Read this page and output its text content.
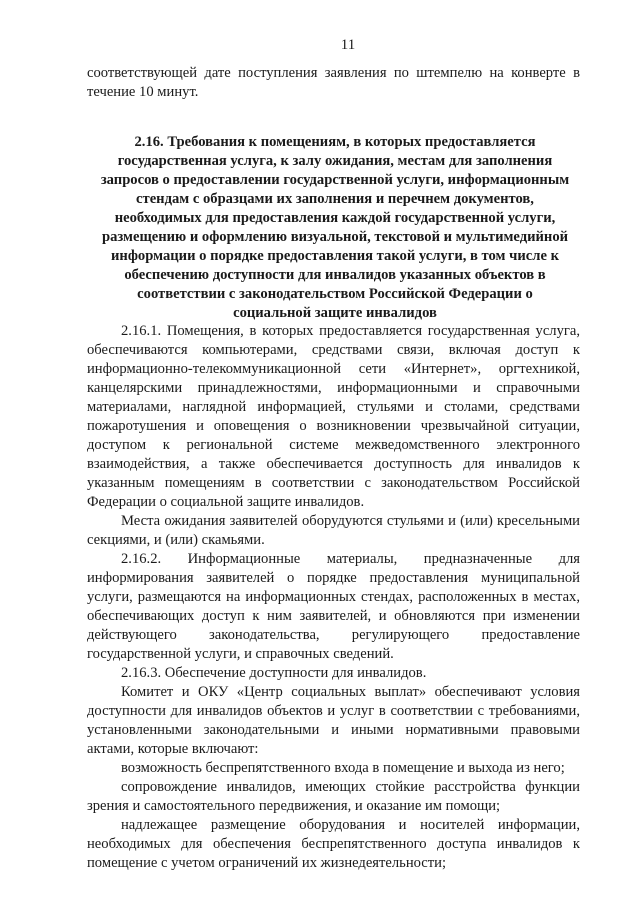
11

соответствующей дате поступления заявления по штемпелю на конверте в течение 10 минут.

2.16. Требования к помещениям, в которых предоставляется государственная услуга, к залу ожидания, местам для заполнения запросов о предоставлении государственной услуги, информационным стендам с образцами их заполнения и перечнем документов, необходимых для предоставления каждой государственной услуги, размещению и оформлению визуальной, текстовой и мультимедийной информации о порядке предоставления такой услуги, в том числе к обеспечению доступности для инвалидов указанных объектов в соответствии с законодательством Российской Федерации о социальной защите инвалидов

2.16.1. Помещения, в которых предоставляется государственная услуга, обеспечиваются компьютерами, средствами связи, включая доступ к информационно-телекоммуникационной сети «Интернет», оргтехникой, канцелярскими принадлежностями, информационными и справочными материалами, наглядной информацией, стульями и столами, средствами пожаротушения и оповещения о возникновении чрезвычайной ситуации, доступом к региональной системе межведомственного электронного взаимодействия, а также обеспечивается доступность для инвалидов к указанным помещениям в соответствии с законодательством Российской Федерации о социальной защите инвалидов.

Места ожидания заявителей оборудуются стульями и (или) кресельными секциями, и (или) скамьями.

2.16.2. Информационные материалы, предназначенные для информирования заявителей о порядке предоставления муниципальной услуги, размещаются на информационных стендах, расположенных в местах, обеспечивающих доступ к ним заявителей, и обновляются при изменении действующего законодательства, регулирующего предоставление государственной услуги, и справочных сведений.

2.16.3. Обеспечение доступности для инвалидов.

Комитет и ОКУ «Центр социальных выплат» обеспечивают условия доступности для инвалидов объектов и услуг в соответствии с требованиями, установленными законодательными и иными нормативными правовыми актами, которые включают:

возможность беспрепятственного входа в помещение и выхода из него;

сопровождение инвалидов, имеющих стойкие расстройства функции зрения и самостоятельного передвижения, и оказание им помощи;

надлежащее размещение оборудования и носителей информации, необходимых для обеспечения беспрепятственного доступа инвалидов к помещение с учетом ограничений их жизнедеятельности;
